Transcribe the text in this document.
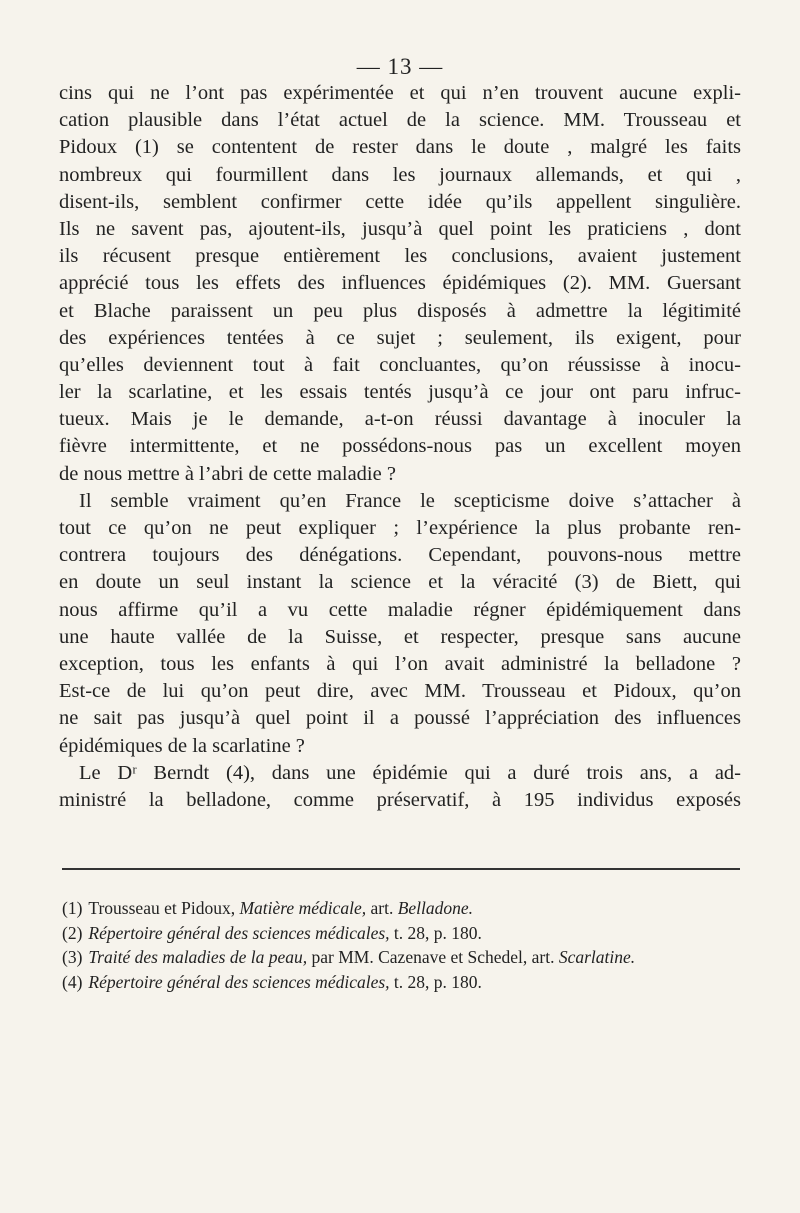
— 13 —
cins qui ne l’ont pas expérimentée et qui n’en trouvent aucune expli-
cation plausible dans l’état actuel de la science. MM. Trousseau et
Pidoux (1) se contentent de rester dans le doute , malgré les faits
nombreux qui fourmillent dans les journaux allemands, et qui ,
disent-ils, semblent confirmer cette idée qu’ils appellent singulière.
Ils ne savent pas, ajoutent-ils, jusqu’à quel point les praticiens , dont
ils récusent presque entièrement les conclusions, avaient justement
apprécié tous les effets des influences épidémiques (2). MM. Guersant
et Blache paraissent un peu plus disposés à admettre la légitimité
des expériences tentées à ce sujet ; seulement, ils exigent, pour
qu’elles deviennent tout à fait concluantes, qu’on réussisse à inocu-
ler la scarlatine, et les essais tentés jusqu’à ce jour ont paru infruc-
tueux. Mais je le demande, a-t-on réussi davantage à inoculer la
fièvre intermittente, et ne possédons-nous pas un excellent moyen
de nous mettre à l’abri de cette maladie ?
Il semble vraiment qu’en France le scepticisme doive s’attacher à
tout ce qu’on ne peut expliquer ; l’expérience la plus probante ren-
contrera toujours des dénégations. Cependant, pouvons-nous mettre
en doute un seul instant la science et la véracité (3) de Biett, qui
nous affirme qu’il a vu cette maladie régner épidémiquement dans
une haute vallée de la Suisse, et respecter, presque sans aucune
exception, tous les enfants à qui l’on avait administré la belladone ?
Est-ce de lui qu’on peut dire, avec MM. Trousseau et Pidoux, qu’on
ne sait pas jusqu’à quel point il a poussé l’appréciation des influences
épidémiques de la scarlatine ?
Le Dʳ Berndt (4), dans une épidémie qui a duré trois ans, a ad-
ministré la belladone, comme préservatif, à 195 individus exposés
(1) Trousseau et Pidoux, Matière médicale, art. Belladone.
(2) Répertoire général des sciences médicales, t. 28, p. 180.
(3) Traité des maladies de la peau, par MM. Cazenave et Schedel, art. Scarlatine.
(4) Répertoire général des sciences médicales, t. 28, p. 180.
